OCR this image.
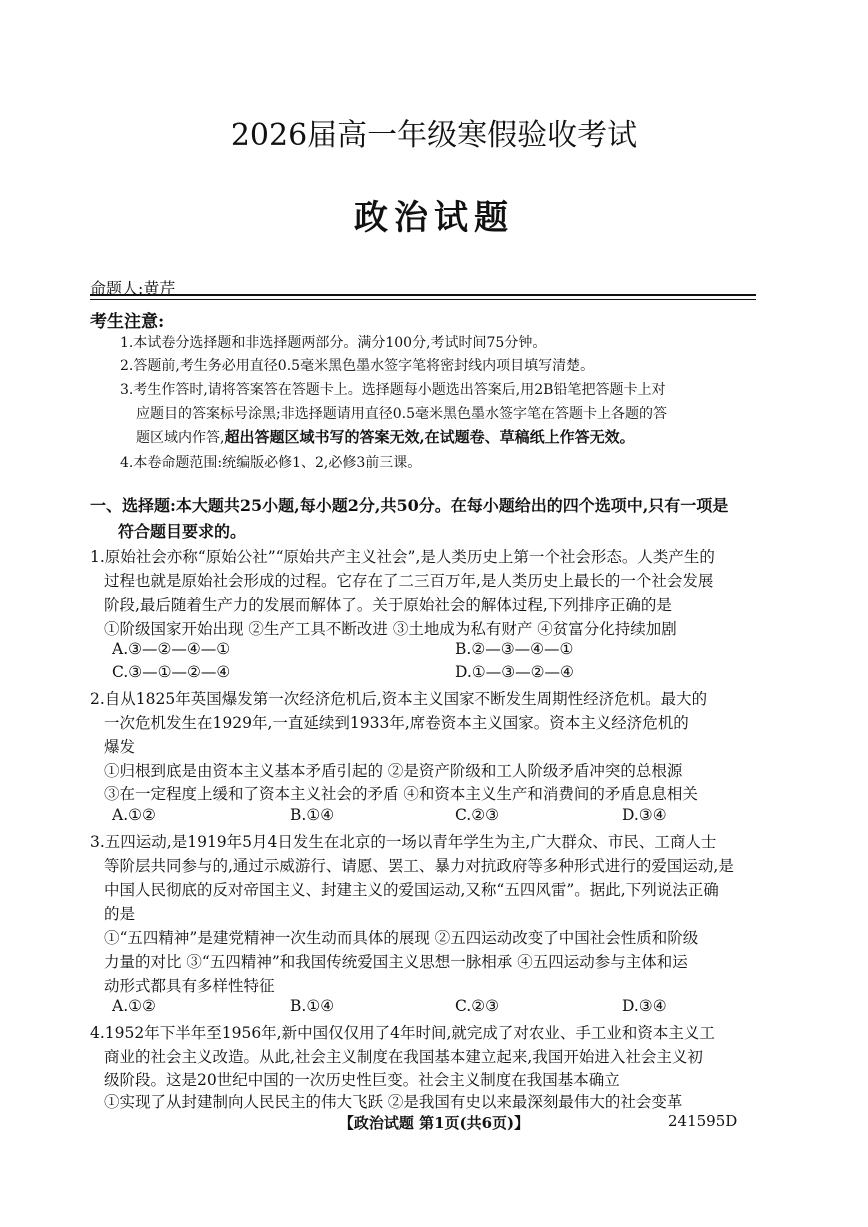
2026届高一年级寒假验收考试
政治试题
命题人:黄芹
考生注意:
1.本试卷分选择题和非选择题两部分。满分100分,考试时间75分钟。
2.答题前,考生务必用直径0.5毫米黑色墨水签字笔将密封线内项目填写清楚。
3.考生作答时,请将答案答在答题卡上。选择题每小题选出答案后,用2B铅笔把答题卡上对
应题目的答案标号涂黑;非选择题请用直径0.5毫米黑色墨水签字笔在答题卡上各题的答
题区域内作答,超出答题区域书写的答案无效,在试题卷、草稿纸上作答无效。
4.本卷命题范围:统编版必修1、2,必修3前三课。
一、选择题:本大题共25小题,每小题2分,共50分。在每小题给出的四个选项中,只有一项是
符合题目要求的。
1.原始社会亦称“原始公社”“原始共产主义社会”,是人类历史上第一个社会形态。人类产生的
过程也就是原始社会形成的过程。它存在了二三百万年,是人类历史上最长的一个社会发展
阶段,最后随着生产力的发展而解体了。关于原始社会的解体过程,下列排序正确的是
①阶级国家开始出现 ②生产工具不断改进 ③土地成为私有财产 ④贫富分化持续加剧
A.③—②—④—①	B.②—③—④—①
C.③—①—②—④	D.①—③—②—④
2.自从1825年英国爆发第一次经济危机后,资本主义国家不断发生周期性经济危机。最大的
一次危机发生在1929年,一直延续到1933年,席卷资本主义国家。资本主义经济危机的
爆发
①归根到底是由资本主义基本矛盾引起的 ②是资产阶级和工人阶级矛盾冲突的总根源
③在一定程度上缓和了资本主义社会的矛盾 ④和资本主义生产和消费间的矛盾息息相关
A.①②	B.①④	C.②③	D.③④
3.五四运动,是1919年5月4日发生在北京的一场以青年学生为主,广大群众、市民、工商人士
等阶层共同参与的,通过示威游行、请愿、罢工、暴力对抗政府等多种形式进行的爱国运动,是
中国人民彻底的反对帝国主义、封建主义的爱国运动,又称“五四风雷”。据此,下列说法正确
的是
①“五四精神”是建党精神一次生动而具体的展现 ②五四运动改变了中国社会性质和阶级
力量的对比 ③“五四精神”和我国传统爱国主义思想一脉相承 ④五四运动参与主体和运
动形式都具有多样性特征
A.①②	B.①④	C.②③	D.③④
4.1952年下半年至1956年,新中国仅仅用了4年时间,就完成了对农业、手工业和资本主义工
商业的社会主义改造。从此,社会主义制度在我国基本建立起来,我国开始进入社会主义初
级阶段。这是20世纪中国的一次历史性巨变。社会主义制度在我国基本确立
①实现了从封建制向人民民主的伟大飞跃 ②是我国有史以来最深刻最伟大的社会变革
【政治试题 第1页(共6页)】	241595D
